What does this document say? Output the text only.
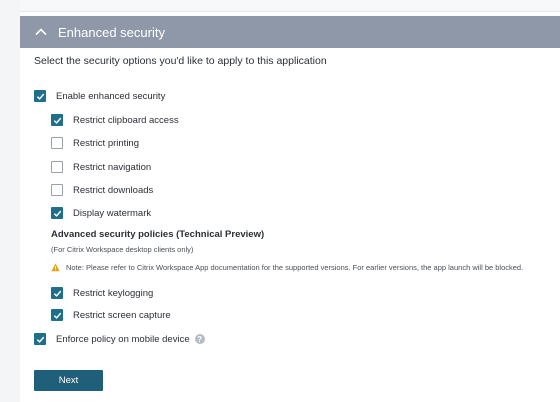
Enhanced security
Select the security options you'd like to apply to this application
Enable enhanced security
Restrict clipboard access
Restrict printing
Restrict navigation
Restrict downloads
Display watermark
Advanced security policies (Technical Preview)
(For Citrix Workspace desktop clients only)
Note: Please refer to Citrix Workspace App documentation for the supported versions. For earlier versions, the app launch will be blocked.
Restrict keylogging
Restrict screen capture
Enforce policy on mobile device ?
Next
